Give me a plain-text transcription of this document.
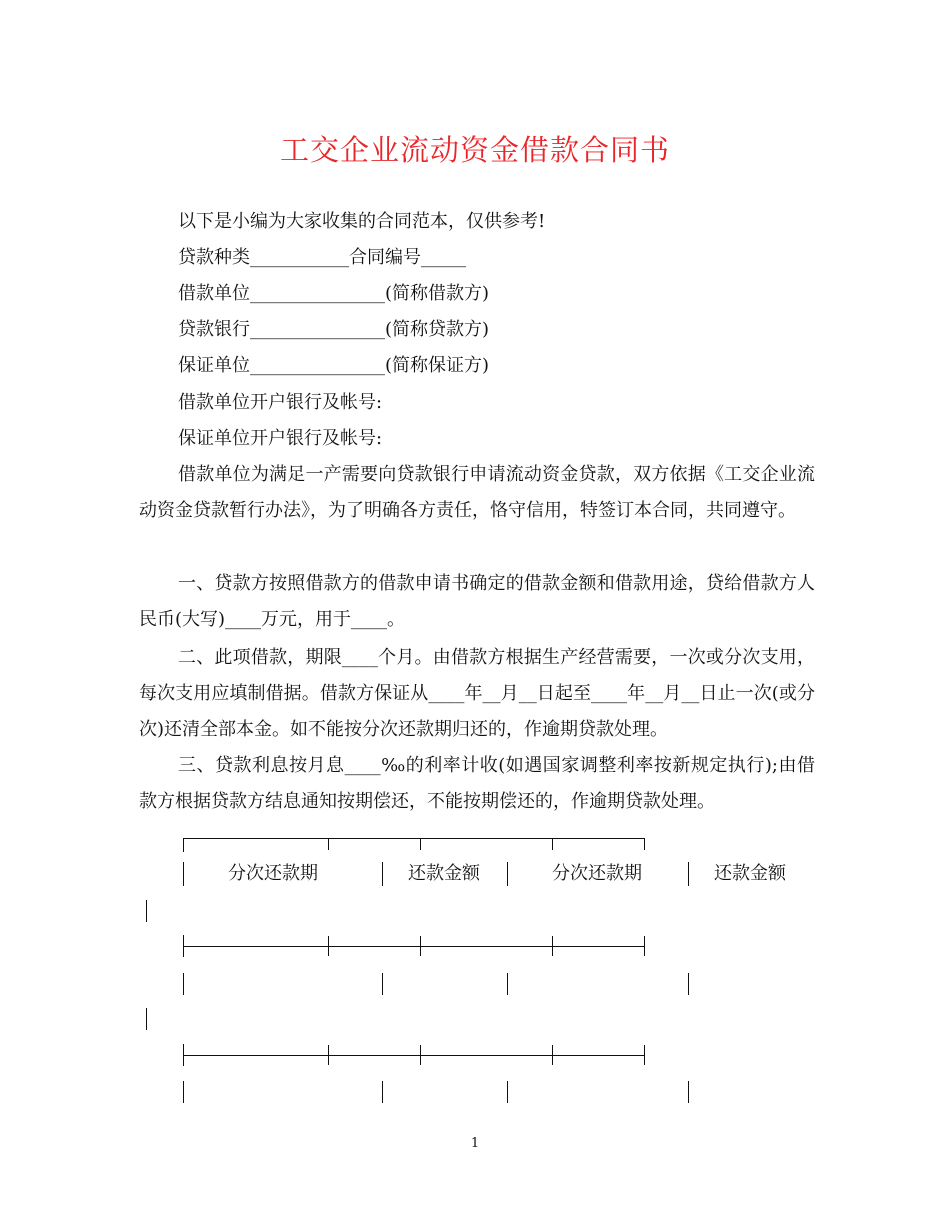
工交企业流动资金借款合同书
以下是小编为大家收集的合同范本，仅供参考!
贷款种类___________合同编号_____
借款单位_______________(简称借款方)
贷款银行_______________(简称贷款方)
保证单位_______________(简称保证方)
借款单位开户银行及帐号:
保证单位开户银行及帐号:
借款单位为满足一产需要向贷款银行申请流动资金贷款，双方依据《工交企业流动资金贷款暂行办法》，为了明确各方责任，恪守信用，特签订本合同，共同遵守。
一、贷款方按照借款方的借款申请书确定的借款金额和借款用途，贷给借款方人民币(大写)____万元，用于____。
二、此项借款，期限____个月。由借款方根据生产经营需要，一次或分次支用，每次支用应填制借据。借款方保证从____年__月__日起至____年__月__日止一次(或分次)还清全部本金。如不能按分次还款期归还的，作逾期贷款处理。
三、贷款利息按月息____‰的利率计收(如遇国家调整利率按新规定执行);由借款方根据贷款方结息通知按期偿还，不能按期偿还的，作逾期贷款处理。
分次还款期	还款金额	分次还款期	还款金额
1
